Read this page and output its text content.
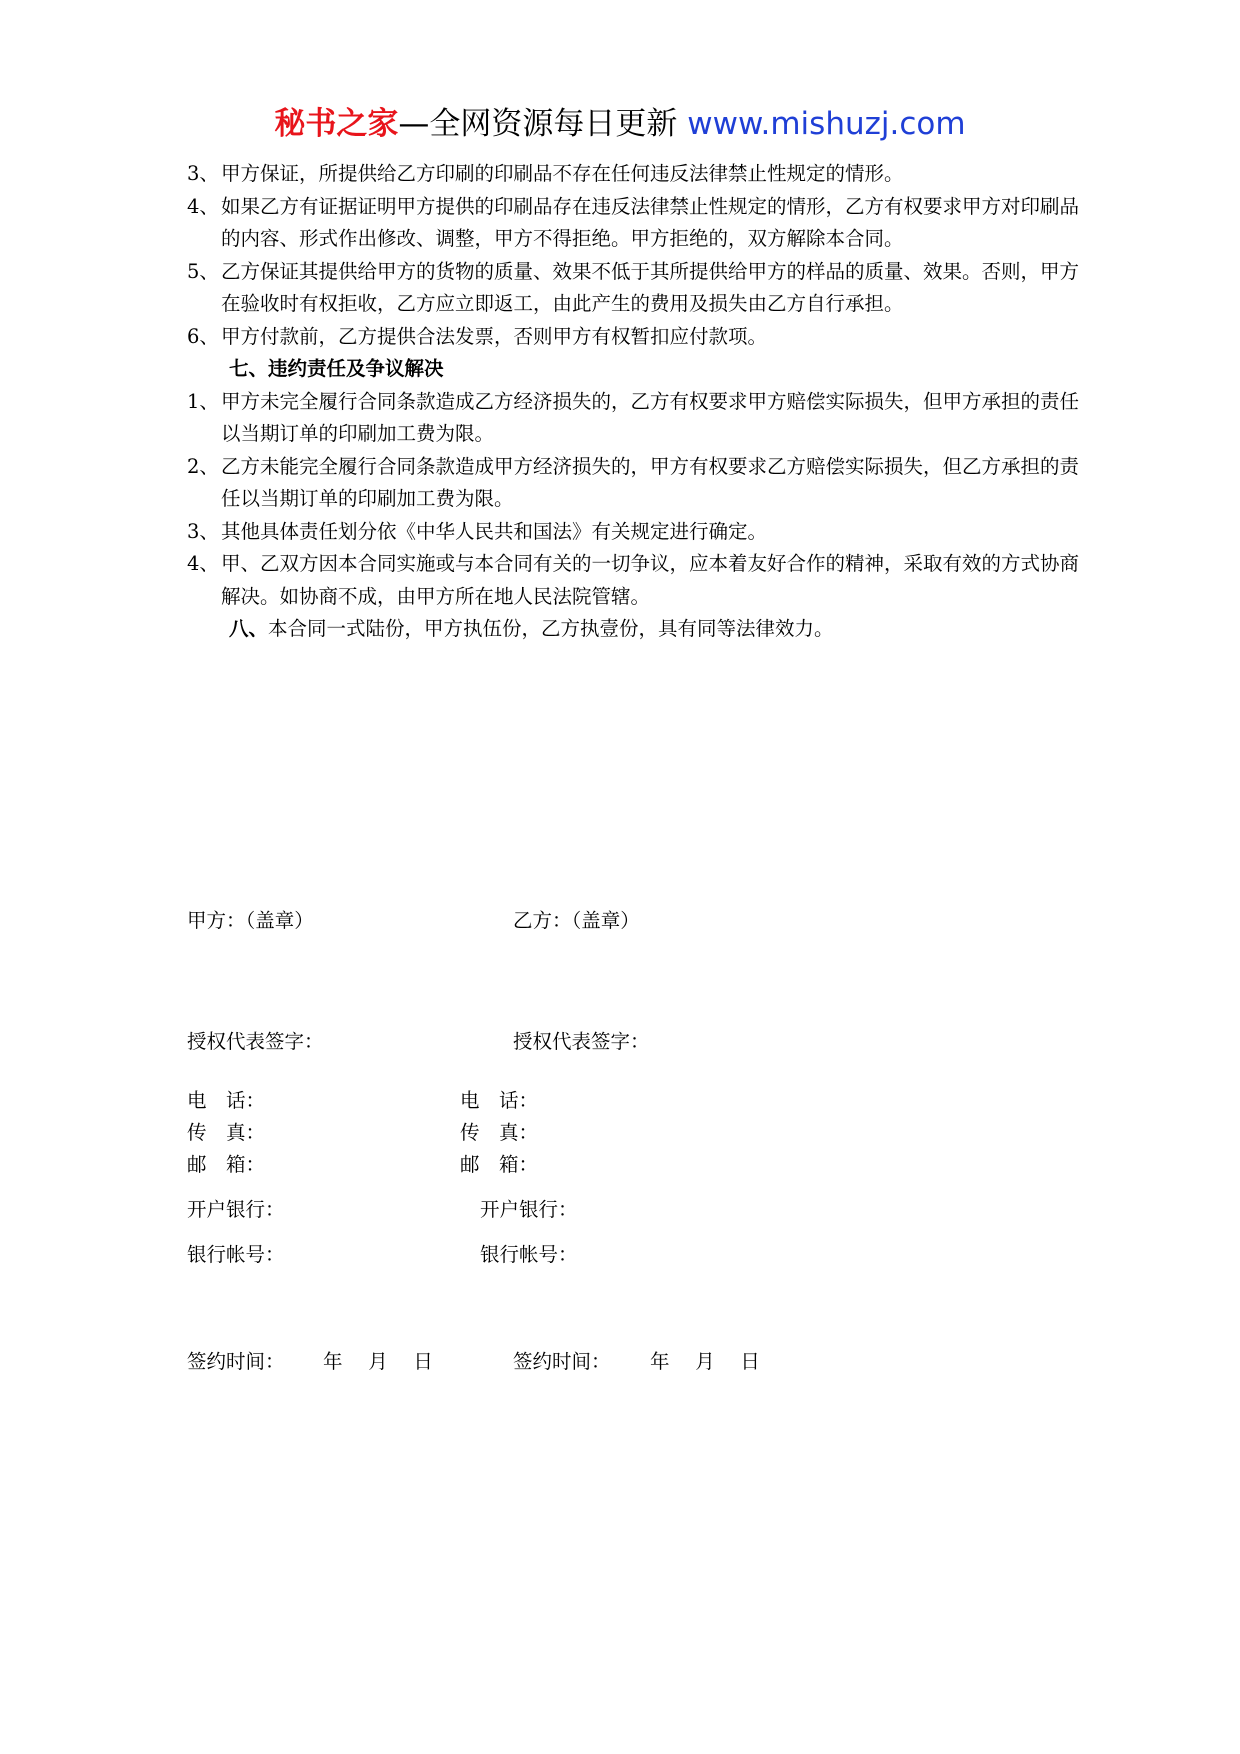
秘书之家—全网资源每日更新 www.mishuzj.com

3、 甲方保证，所提供给乙方印刷的印刷品不存在任何违反法律禁止性规定的情形。

4、 如果乙方有证据证明甲方提供的印刷品存在违反法律禁止性规定的情形，乙方有权要求甲方对印刷品的内容、形式作出修改、调整，甲方不得拒绝。甲方拒绝的，双方解除本合同。

5、 乙方保证其提供给甲方的货物的质量、效果不低于其所提供给甲方的样品的质量、效果。否则，甲方在验收时有权拒收，乙方应立即返工，由此产生的费用及损失由乙方自行承担。

6、 甲方付款前，乙方提供合法发票，否则甲方有权暂扣应付款项。

七、违约责任及争议解决

1、 甲方未完全履行合同条款造成乙方经济损失的，乙方有权要求甲方赔偿实际损失，但甲方承担的责任以当期订单的印刷加工费为限。

2、 乙方未能完全履行合同条款造成甲方经济损失的，甲方有权要求乙方赔偿实际损失，但乙方承担的责任以当期订单的印刷加工费为限。

3、 其他具体责任划分依《中华人民共和国法》有关规定进行确定。

4、 甲、乙双方因本合同实施或与本合同有关的一切争议，应本着友好合作的精神，采取有效的方式协商解决。如协商不成，由甲方所在地人民法院管辖。

八、本合同一式陆份，甲方执伍份，乙方执壹份，具有同等法律效力。

甲方：（盖章）	乙方：（盖章）
授权代表签字：	授权代表签字：
电　话：	电　话：
传　真：	传　真：
邮　箱：	邮　箱：
开户银行：	开户银行：
银行帐号：	银行帐号：
签约时间： 年　 月　 日	签约时间： 年　 月　 日
